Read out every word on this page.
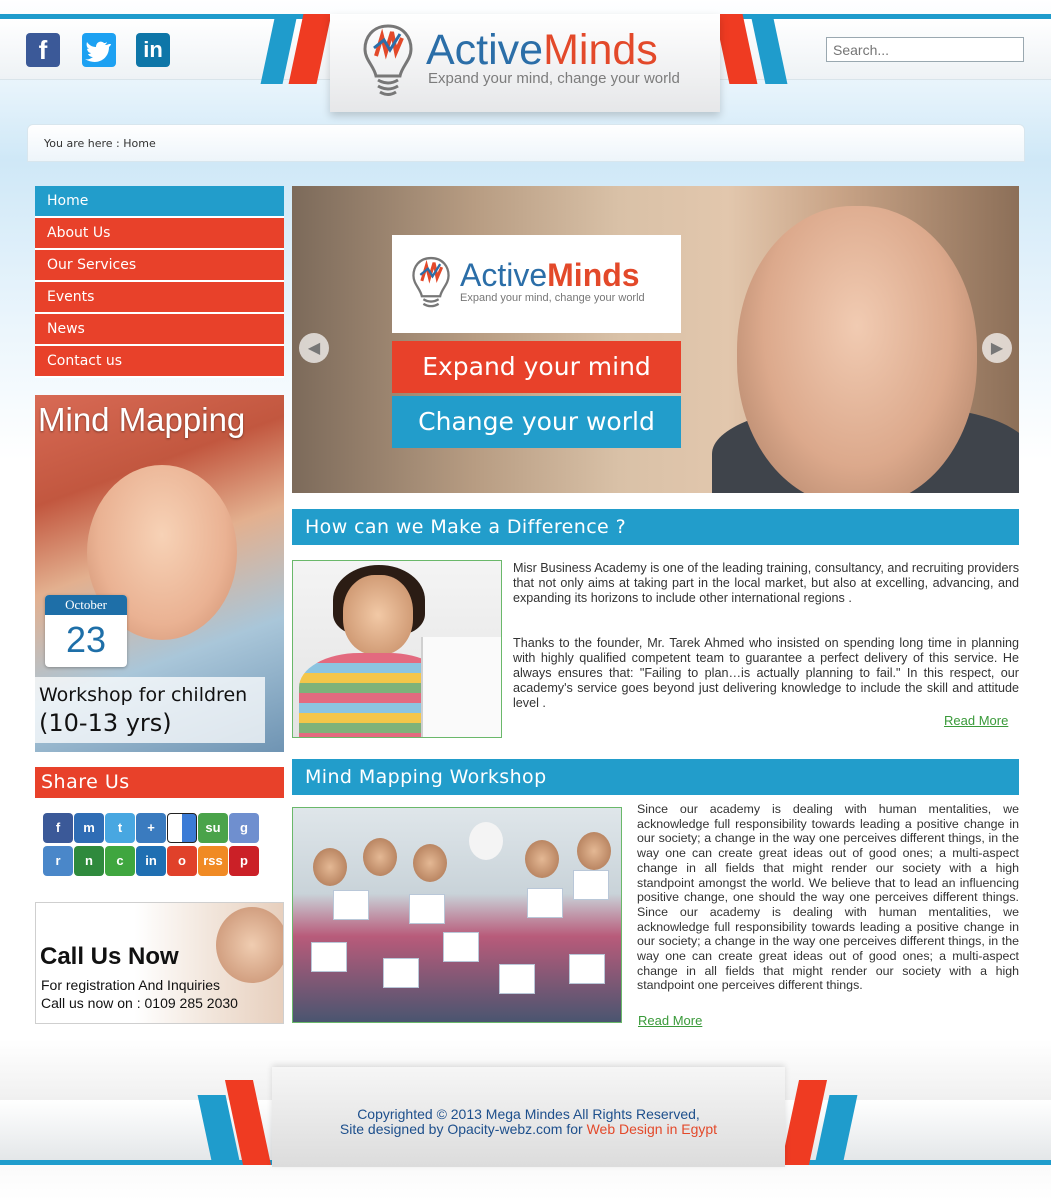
ActiveMinds
Expand your mind, change your world
f	in
Search...
You are here : Home
Home
About Us
Our Services
Events
News
Contact us
Mind Mapping
October
23
Workshop for children
(10-13 yrs)
Share Us
f m t +	su g
r n c in o rss p
Call Us Now
For registration And Inquiries
Call us now on : 0109 285 2030
ActiveMinds
Expand your mind, change your world
Expand your mind
Change your world
◀	▶
How can we Make a Difference ?

Misr Business Academy is one of the leading training, consultancy, and recruiting providers that not only aims at taking part in the local market, but also at excelling, advancing, and expanding its horizons to include other international regions .

Thanks to the founder, Mr. Tarek Ahmed who insisted on spending long time in planning with highly qualified competent team to guarantee a perfect delivery of this service. He always ensures that: "Failing to plan…is actually planning to fail." In this respect, our academy's service goes beyond just delivering knowledge to include the skill and attitude level .

Read More
Mind Mapping Workshop

Since our academy is dealing with human mentalities, we acknowledge full responsibility towards leading a positive change in our society; a change in the way one perceives different things, in the way one can create great ideas out of good ones; a multi-aspect change in all fields that might render our society with a high standpoint amongst the world. We believe that to lead an influencing positive change, one should the way one perceives different things. Since our academy is dealing with human mentalities, we acknowledge full responsibility towards leading a positive change in our society; a change in the way one perceives different things, in the way one can create great ideas out of good ones; a multi-aspect change in all fields that might render our society with a high standpoint one perceives different things.

Read More
Copyrighted © 2013 Mega Mindes All Rights Reserved,
Site designed by Opacity-webz.com for Web Design in Egypt
